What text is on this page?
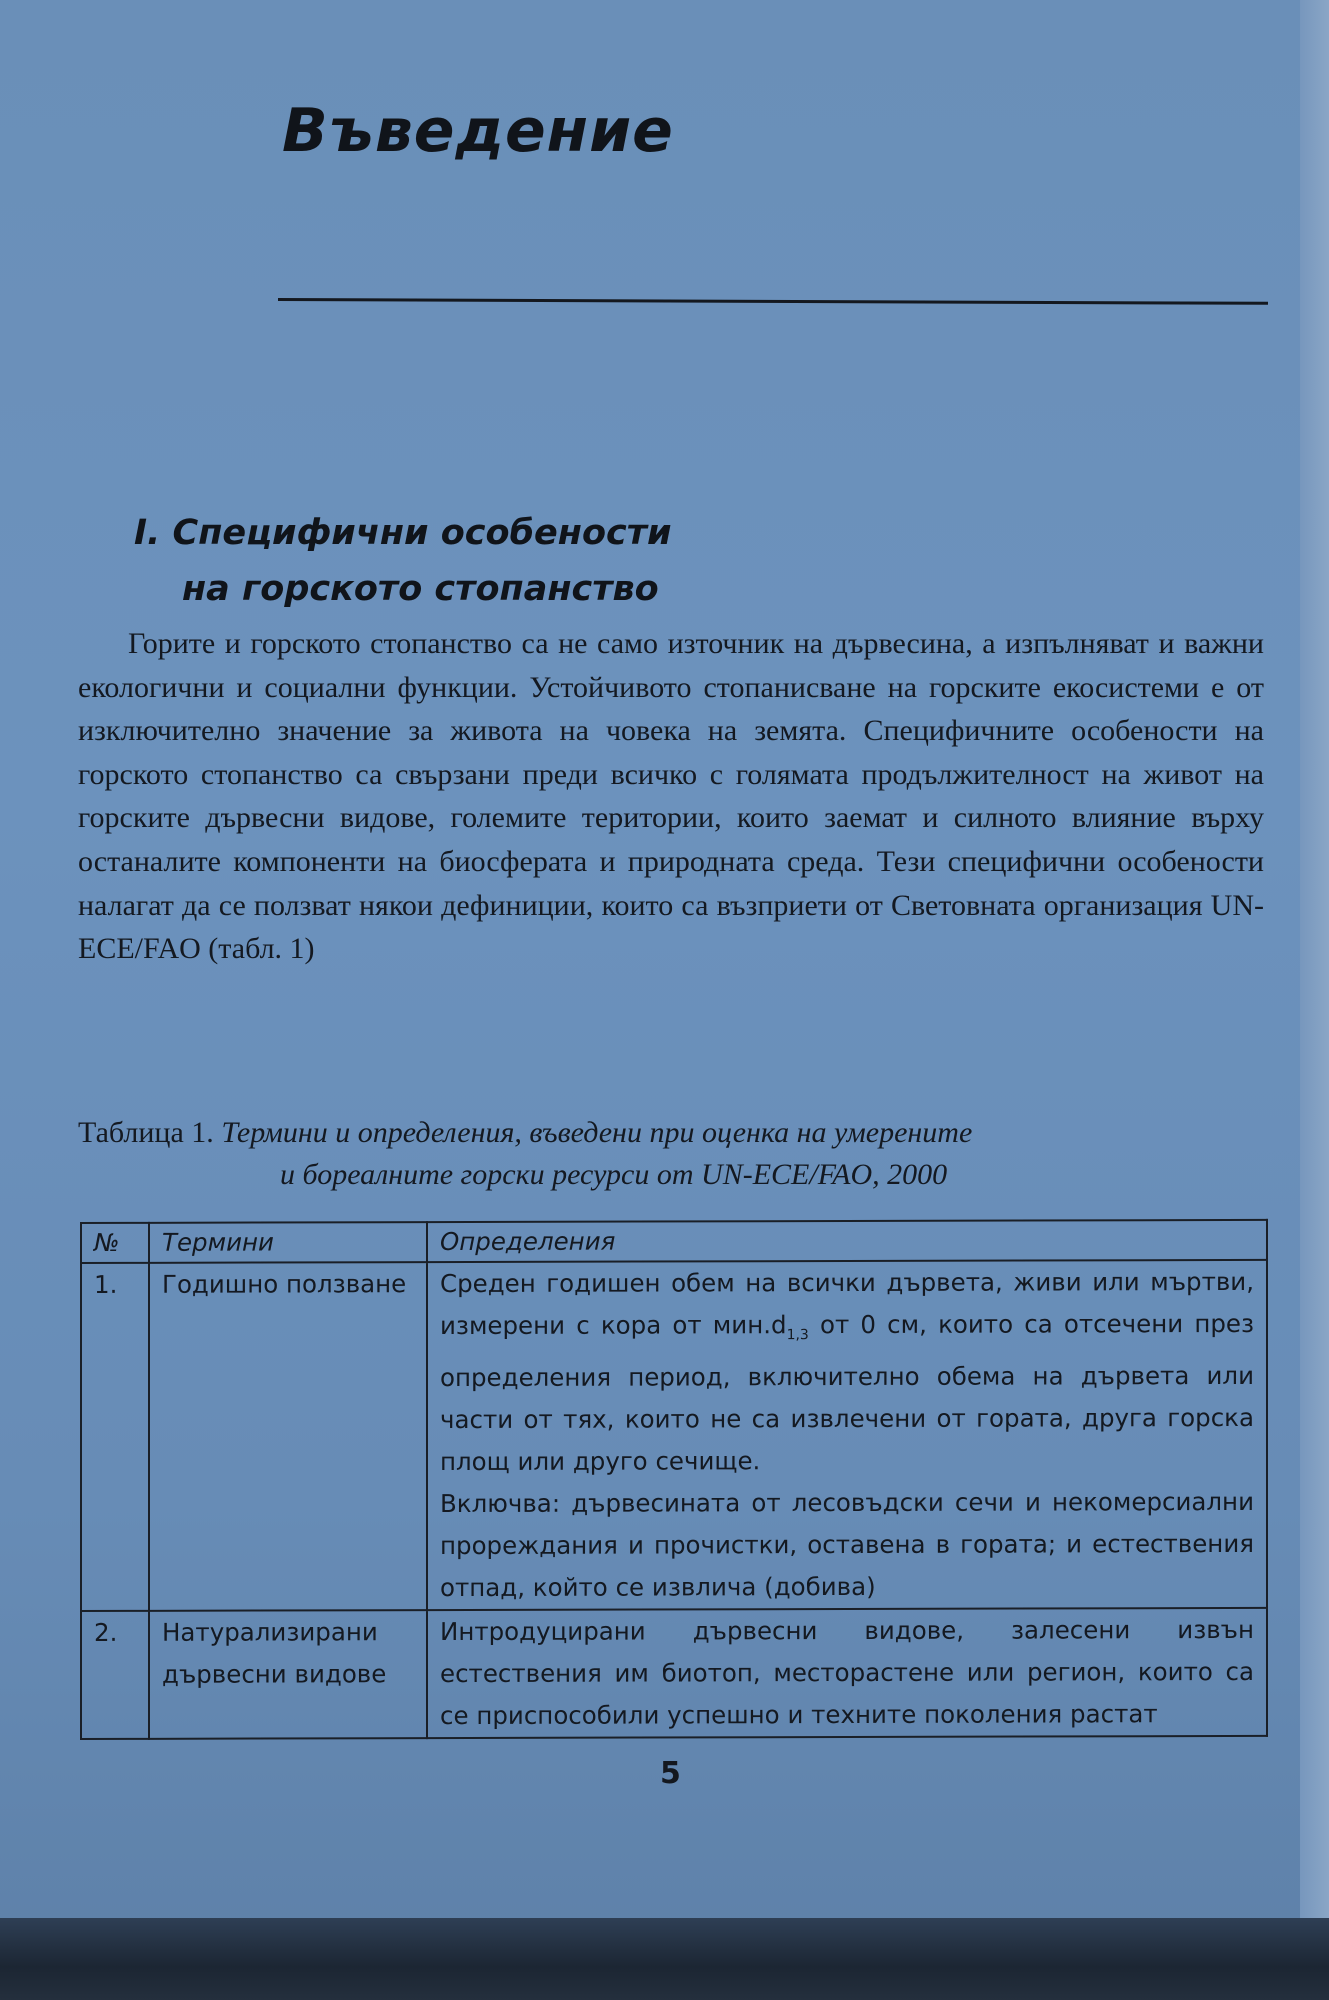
Въведение
I. Специфични особености
на горското стопанство

Горите и горското стопанство са не само източник на дървесина, а изпълняват и важни екологични и социални функции. Устойчивото стопанисване на горските екосистеми е от изключително значение за живота на човека на земята. Специфичните особености на горското стопанство са свързани преди всичко с голямата продължителност на живот на горските дървесни видове, големите територии, които заемат и силното влияние върху останалите компоненти на биосферата и природната среда. Тези специфични особености налагат да се ползват някои дефиниции, които са възприети от Световната организация UN-ECE/FAO (табл. 1)

Таблица 1. Термини и определения, въведени при оценка на умерените
и бореалните горски ресурси от UN-ECE/FAO, 2000
№	Термини	Определения
1.	Годишно ползване	Среден годишен обем на всички дървета, живи или мъртви, измерени с кора от $мин.d_{1,3}$ от 0 см, които са отсечени през определения период, включително обема на дървета или части от тях, които не са извлечени от гората, друга горска площ или друго сечище.
Включва: дървесината от лесовъдски сечи и некомерсиални прореждания и прочистки, оставена в гората; и естествения отпад, който се извлича (добива)

2.	Натурализирани дървесни видове	Интродуцирани дървесни видове, залесени извън естествения им биотоп, месторастене или регион, които са се приспособили успешно и техните поколения растат
5
